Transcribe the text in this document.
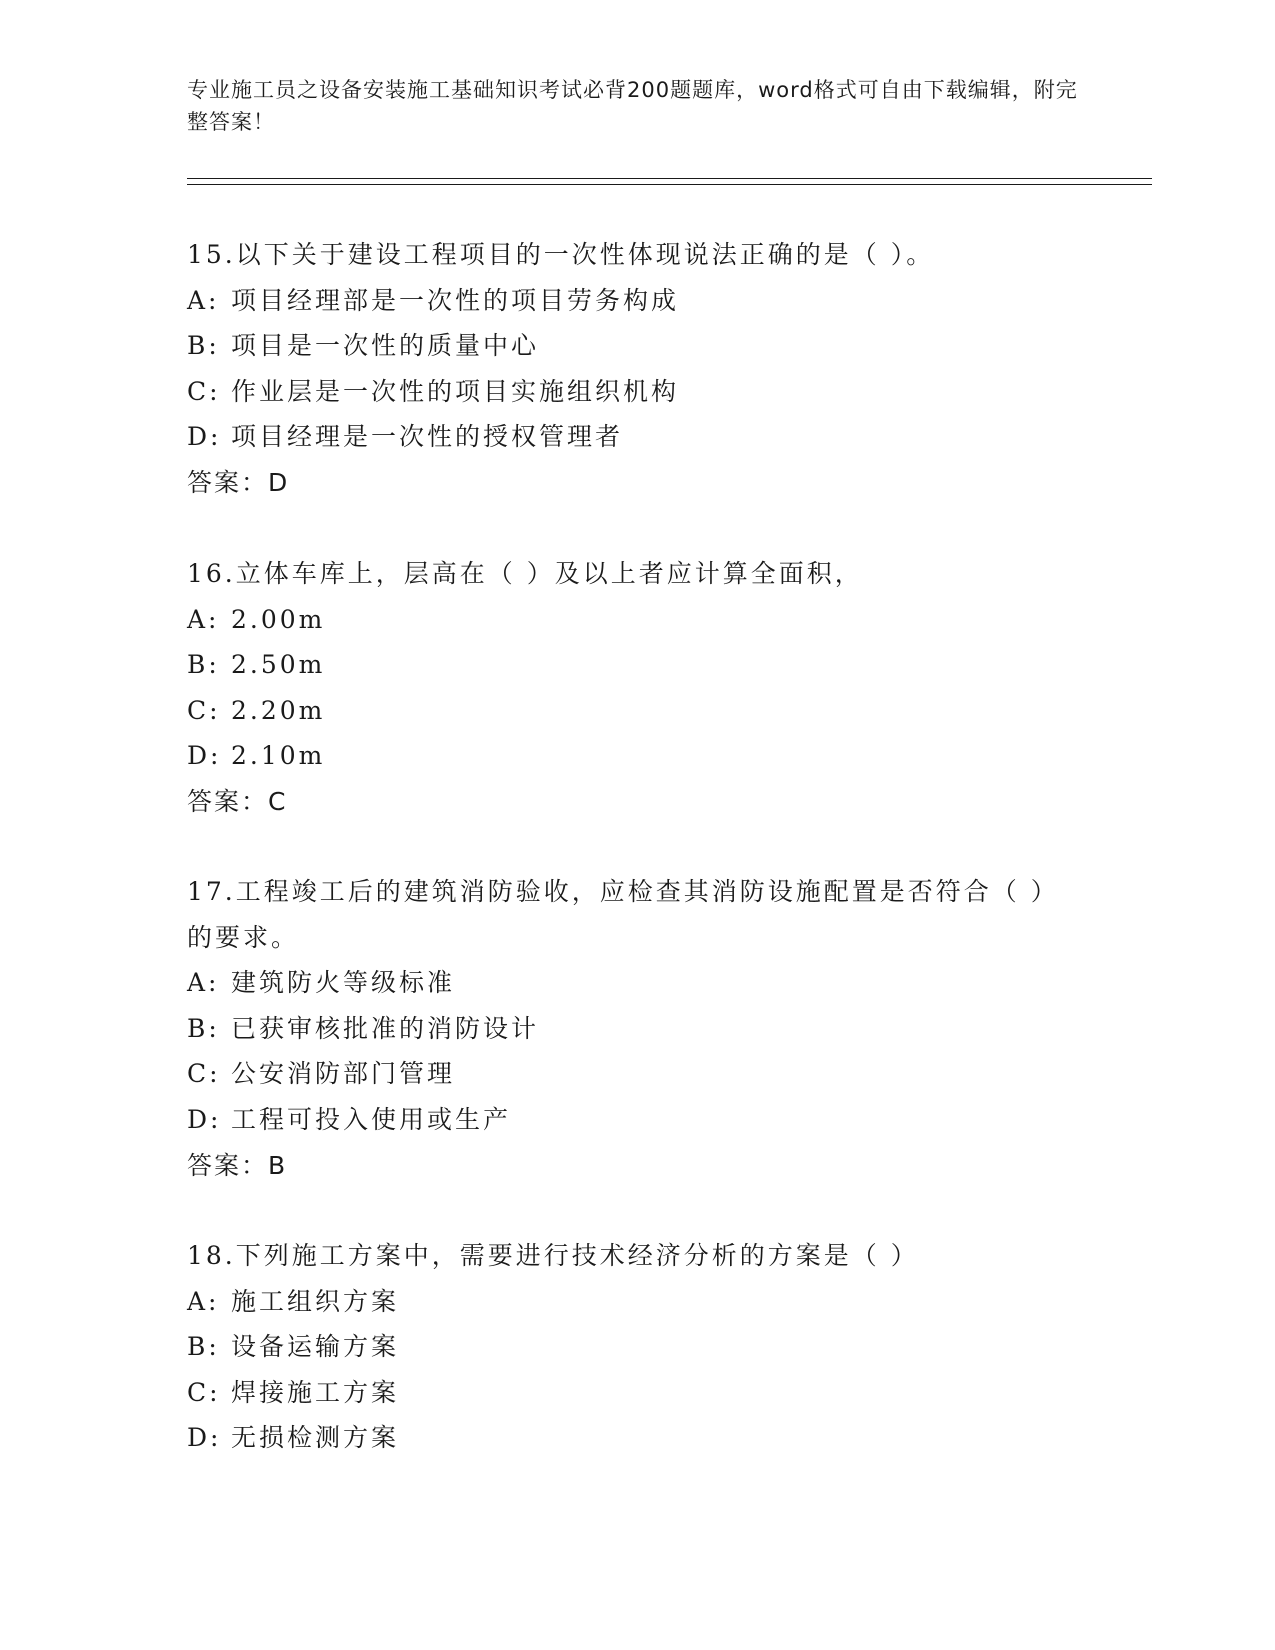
专业施工员之设备安装施工基础知识考试必背200题题库，word格式可自由下载编辑，附完整答案！

15.以下关于建设工程项目的一次性体现说法正确的是（ ）。

A: 项目经理部是一次性的项目劳务构成

B: 项目是一次性的质量中心

C: 作业层是一次性的项目实施组织机构

D: 项目经理是一次性的授权管理者

答案：D

16.立体车库上，层高在（ ）及以上者应计算全面积，

A: 2.00m

B: 2.50m

C: 2.20m

D: 2.10m

答案：C

17.工程竣工后的建筑消防验收，应检查其消防设施配置是否符合（ ）的要求。

A: 建筑防火等级标准

B: 已获审核批准的消防设计

C: 公安消防部门管理

D: 工程可投入使用或生产

答案：B

18.下列施工方案中，需要进行技术经济分析的方案是（ ）

A: 施工组织方案

B: 设备运输方案

C: 焊接施工方案

D: 无损检测方案
